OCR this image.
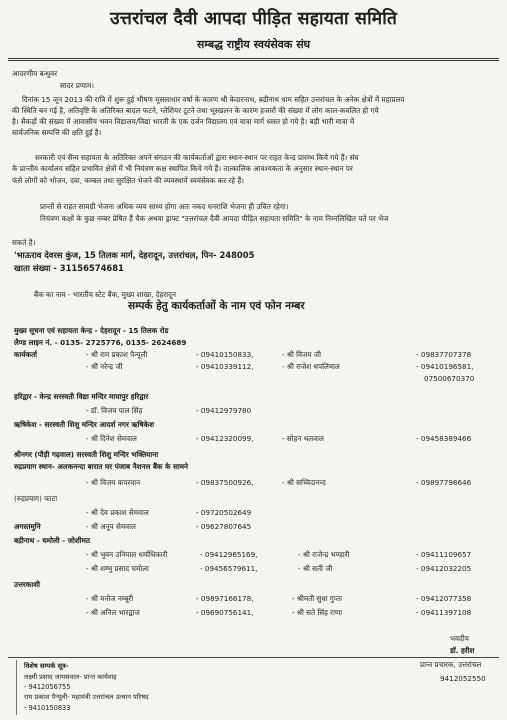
उत्तरांचल दैवी आपदा पीड़ित सहायता समिति
सम्बद्ध राष्ट्रीय स्वयंसेवक संघ
आदरणीय बन्धुवर
सादर प्रणाम।
दिनांक 15 जून 2013 की रात्रि में शुरू हुई भीषण मूसलाधार वर्षा के कारण श्री केदारनाथ, बद्रीनाथ धाम सहित उत्तरांचल के अनेक क्षेत्रों में महाप्रलय
की स्थिति बन गई है, अतिवृष्टि के अतिरिक्त बादल फटने, ग्लेशियर टूटने तथा भूस्खलन के कारण हजारों की संख्या में लोग काल-कवलित हो गये
है। सैकड़ों की संख्या में आवासीय भवन विद्यालय/विद्या भारती के एक दर्जन विद्यालय एवं यात्रा मार्ग ध्वस्त हो गये है। बड़ी भारी मात्रा में
सार्वजनिक सम्पत्ति की क्षति हुई है।
सरकारी एवं सैन्य सहायता के अतिरिक्त अपने संगठन की कार्यकर्ताओं द्वारा स्थान-स्थान पर राहत केन्द्र प्रारम्भ किये गये हैं। संघ
के प्रान्तीय कार्यालय सहित प्रभावित क्षेत्रों में भी नियंत्रण कक्ष स्थापित किये गये हैं। तात्कालिक आवश्यकता के अनुसार स्थान-स्थान पर
फंसे लोगों को भोजन, दवा, कम्बल तथा सुरक्षित भेजने की व्यवस्थायें स्वयंसेवक कर रहे हैं।
प्रान्तों से राहत सामग्री भेजना अधिक व्यय साध्य होगा अतः नकद धनराशि भेजना ही उचित रहेगा।
नियंत्रण कक्षों के कुछ नम्बर प्रेषित हैं चैक अथवा ड्राफ्ट "उत्तरांचल दैवी आपदा पीड़ित सहायता समिति" के नाम निम्नलिखित पते पर भेज
सकते है।
'भाऊराव देवरस कुंज, 15 तिलक मार्ग, देहरादून, उत्तरांचल, पिन- 248005
खाता संख्या - 31156574681
बैंक का नाम - भारतीय स्टेट बैंक, मुख्य शाखा, देहरादून
सम्पर्क हेतु कार्यकर्ताओं के नाम एवं फोन नम्बर
मुख्य सूचना एवं सहायता केन्द्र - देहरादून - 15 तिलक रोड
लैण्ड लाइन नं. - 0135- 2725776, 0135- 2624689
कार्यकर्ता	- श्री राम प्रकाश पैन्यूली	- 09410150833,	- श्री विजय जी	- 09837707378
- श्री नरेन्द्र जी	- 09410339112,	- श्री राजेश थपलियाल	- 09410196581,
07500670370
हरिद्वार - केन्द्र सरस्वती विद्या मन्दिर मायापुर हरिद्वार
- डॉ. विजय पाल सिंह	- 09412979780
ऋषिकेश - सरस्वती शिशु मन्दिर आदर्श नगर ऋषिकेश
- श्री दिनेश सेमवाल	- 09412320099,	- सोहन थलवाल	- 09458389466
श्रीनगर (पौड़ी गढ़वाल) सरस्वती शिशु मन्दिर भक्तियाना
रुद्रप्रयाग स्थान- अलकनन्दा बारात घर पंजाब नैशनल बैंक के सामने
- श्री विजय कपरवान	- 09837500926,	- श्री सच्चिदानन्द	- 09897798646
(रुद्रप्रयाग) फाटा
- श्री देव प्रकाश सेमवाल	- 09720502649
अगस्तमुनि	- श्री अनूप सेमवाल	- 09627807645
बद्रीनाथ - चमोली - जोशीमठ
- श्री भुवन उनियाल धर्माधिकारी	- 09412965169,	- श्री राजेन्द्र भण्डारी	- 09411109657
- श्री शम्भु प्रसाद चमोला	- 09456579611,	- श्री सती जी	- 09412032205
उत्तरकाशी
- श्री मनोज नम्बूरी	- 09897166178,	- श्रीमती सुधा गुप्ता	- 09412077358
- श्री अनिल भारद्वाज	- 09690756141,	- श्री सते सिंह राणा	- 09411397108
भवदीय
डॉ. हरीश
प्रान्त प्रचारक, उत्तरांचल
9412052550
विशेष सम्पर्क सूत्र-
लक्ष्मी प्रसाद जायसवाल- प्रान्त कार्यवाह
- 9412056755
राम प्रकाश पैन्यूली- महामंत्री उत्तरांचल उत्थान परिषद
- 9410150833
